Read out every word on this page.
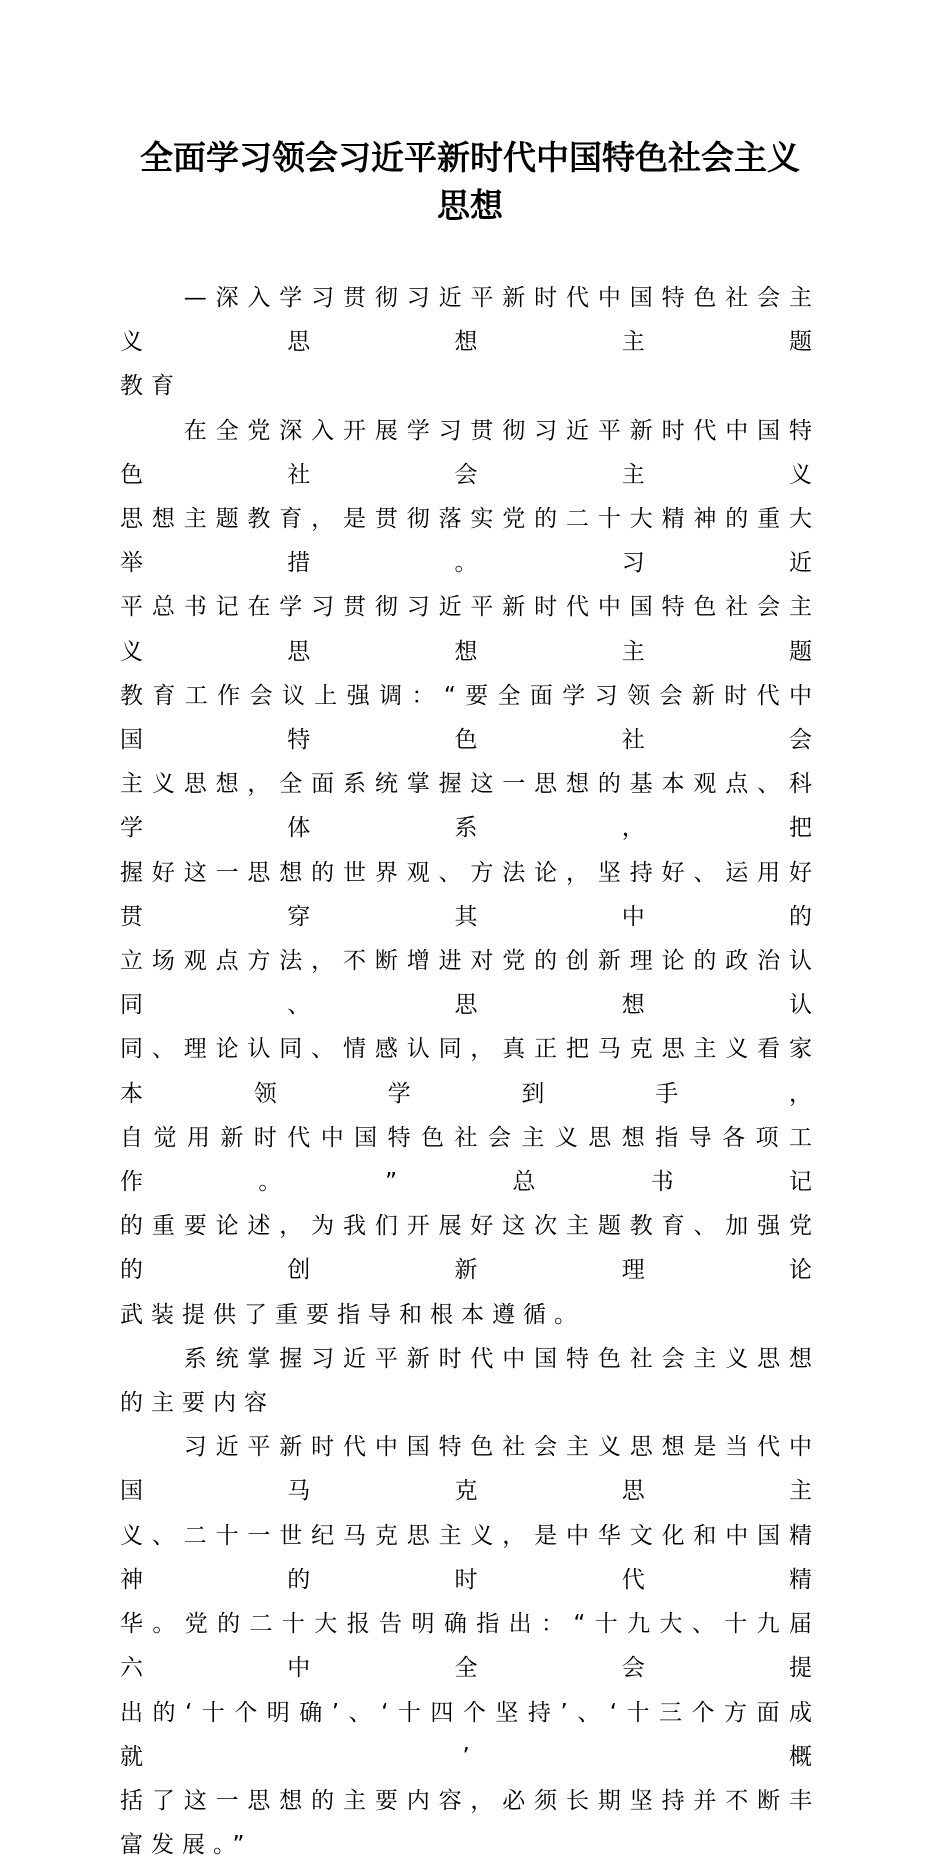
全面学习领会习近平新时代中国特色社会主义
思想
　　—深入学习贯彻习近平新时代中国特色社会主义思想主题
教育
　　在全党深入开展学习贯彻习近平新时代中国特色社会主义
思想主题教育，是贯彻落实党的二十大精神的重大举措。习近
平总书记在学习贯彻习近平新时代中国特色社会主义思想主题
教育工作会议上强调：“要全面学习领会新时代中国特色社会
主义思想，全面系统掌握这一思想的基本观点、科学体系，把
握好这一思想的世界观、方法论，坚持好、运用好贯穿其中的
立场观点方法，不断增进对党的创新理论的政治认同、思想认
同、理论认同、情感认同，真正把马克思主义看家本领学到手，
自觉用新时代中国特色社会主义思想指导各项工作。”总书记
的重要论述，为我们开展好这次主题教育、加强党的创新理论
武装提供了重要指导和根本遵循。
　　系统掌握习近平新时代中国特色社会主义思想的主要内容
　　习近平新时代中国特色社会主义思想是当代中国马克思主
义、二十一世纪马克思主义，是中华文化和中国精神的时代精
华。党的二十大报告明确指出：“十九大、十九届六中全会提
出的‘十个明确’、‘十四个坚持’、‘十三个方面成就’概
括了这一思想的主要内容，必须长期坚持并不断丰富发展。”
